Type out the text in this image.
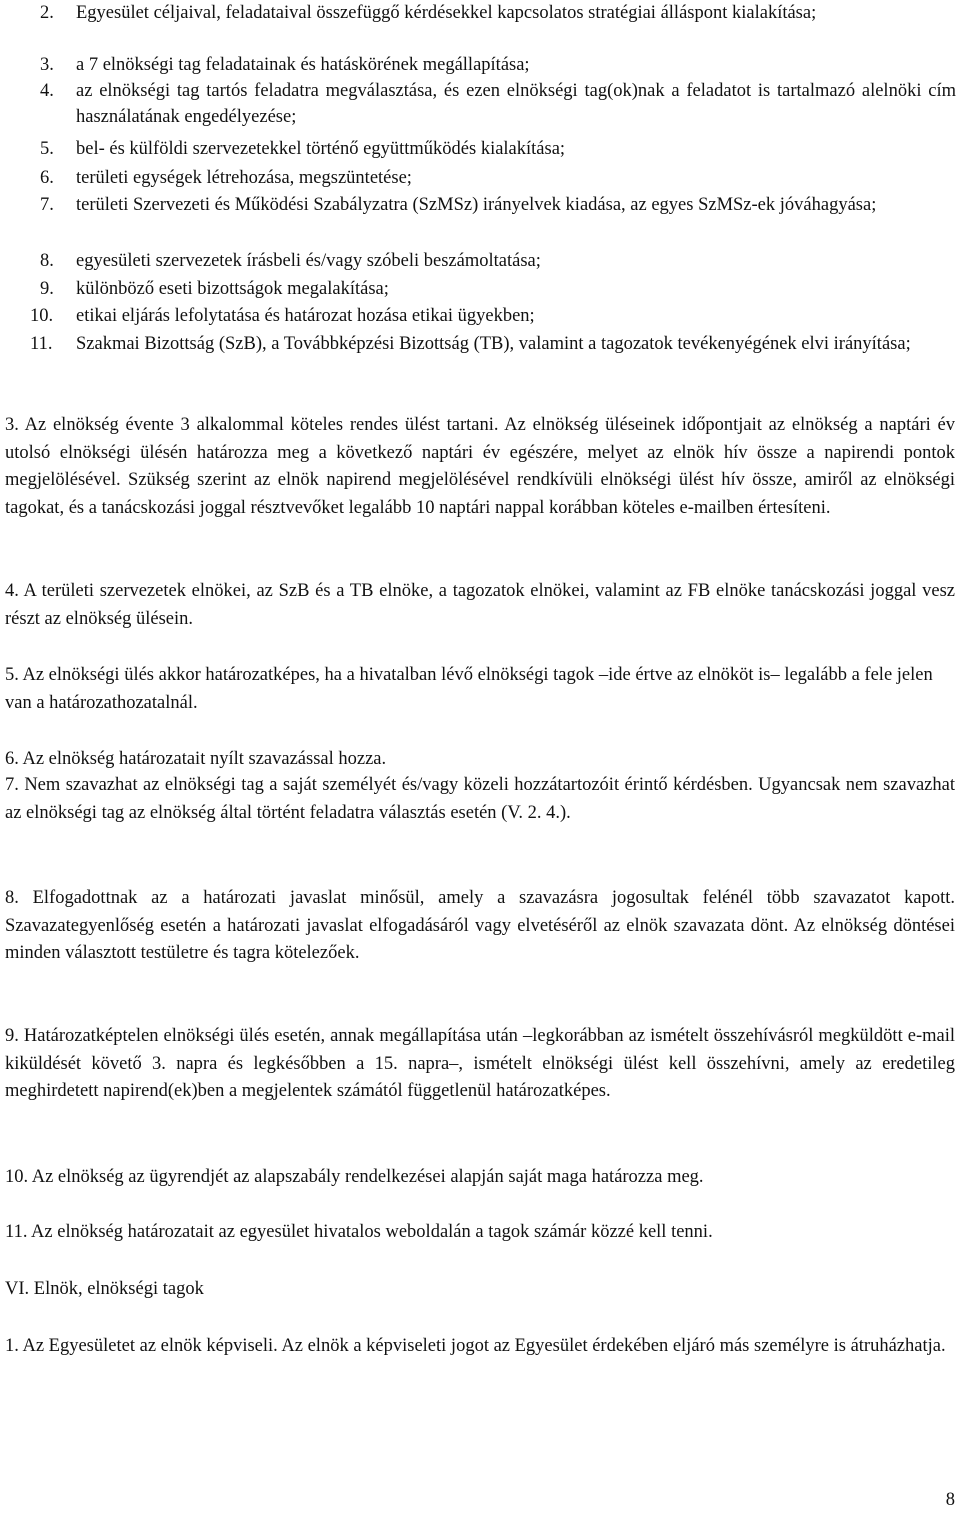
2. Egyesület céljaival, feladataival összefüggő kérdésekkel kapcsolatos stratégiai álláspont kialakítása;
3. a 7 elnökségi tag feladatainak és hatáskörének megállapítása;
4. az elnökségi tag tartós feladatra megválasztása, és ezen elnökségi tag(ok)nak a feladatot is tartalmazó alelnöki cím használatának engedélyezése;
5. bel- és külföldi szervezetekkel történő együttműködés kialakítása;
6. területi egységek létrehozása, megszüntetése;
7. területi Szervezeti és Működési Szabályzatra (SzMSz) irányelvek kiadása, az egyes SzMSz-ek jóváhagyása;
8. egyesületi szervezetek írásbeli és/vagy szóbeli beszámoltatása;
9. különböző eseti bizottságok megalakítása;
10. etikai eljárás lefolytatása és határozat hozása etikai ügyekben;
11. Szakmai Bizottság (SzB), a Továbbképzési Bizottság (TB), valamint a tagozatok tevékenyégének elvi irányítása;

3. Az elnökség évente 3 alkalommal köteles rendes ülést tartani. Az elnökség üléseinek időpontjait az elnökség a naptári év utolsó elnökségi ülésén határozza meg a következő naptári év egészére, melyet az elnök hív össze a napirendi pontok megjelölésével. Szükség szerint az elnök napirend megjelölésével rendkívüli elnökségi ülést hív össze, amiről az elnökségi tagokat, és a tanácskozási joggal résztvevőket legalább 10 naptári nappal korábban köteles e-mailben értesíteni.

4. A területi szervezetek elnökei, az SzB és a TB elnöke, a tagozatok elnökei, valamint az FB elnöke tanácskozási joggal vesz részt az elnökség ülésein.

5. Az elnökségi ülés akkor határozatképes, ha a hivatalban lévő elnökségi tagok –ide értve az elnököt is– legalább a fele jelen van a határozathozatalnál.

6. Az elnökség határozatait nyílt szavazással hozza.

7. Nem szavazhat az elnökségi tag a saját személyét és/vagy közeli hozzátartozóit érintő kérdésben. Ugyancsak nem szavazhat az elnökségi tag az elnökség által történt feladatra választás esetén (V. 2. 4.).

8. Elfogadottnak az a határozati javaslat minősül, amely a szavazásra jogosultak felénél több szavazatot kapott. Szavazategyenlőség esetén a határozati javaslat elfogadásáról vagy elvetéséről az elnök szavazata dönt. Az elnökség döntései minden választott testületre és tagra kötelezőek.

9. Határozatképtelen elnökségi ülés esetén, annak megállapítása után –legkorábban az ismételt összehívásról megküldött e-mail kiküldését követő 3. napra és legkésőbben a 15. napra–, ismételt elnökségi ülést kell összehívni, amely az eredetileg meghirdetett napirend(ek)ben a megjelentek számától függetlenül határozatképes.

10. Az elnökség az ügyrendjét az alapszabály rendelkezései alapján saját maga határozza meg.

11. Az elnökség határozatait az egyesület hivatalos weboldalán a tagok számár közzé kell tenni.

VI. Elnök, elnökségi tagok

1. Az Egyesületet az elnök képviseli. Az elnök a képviseleti jogot az Egyesület érdekében eljáró más személyre is átruházhatja.

8
